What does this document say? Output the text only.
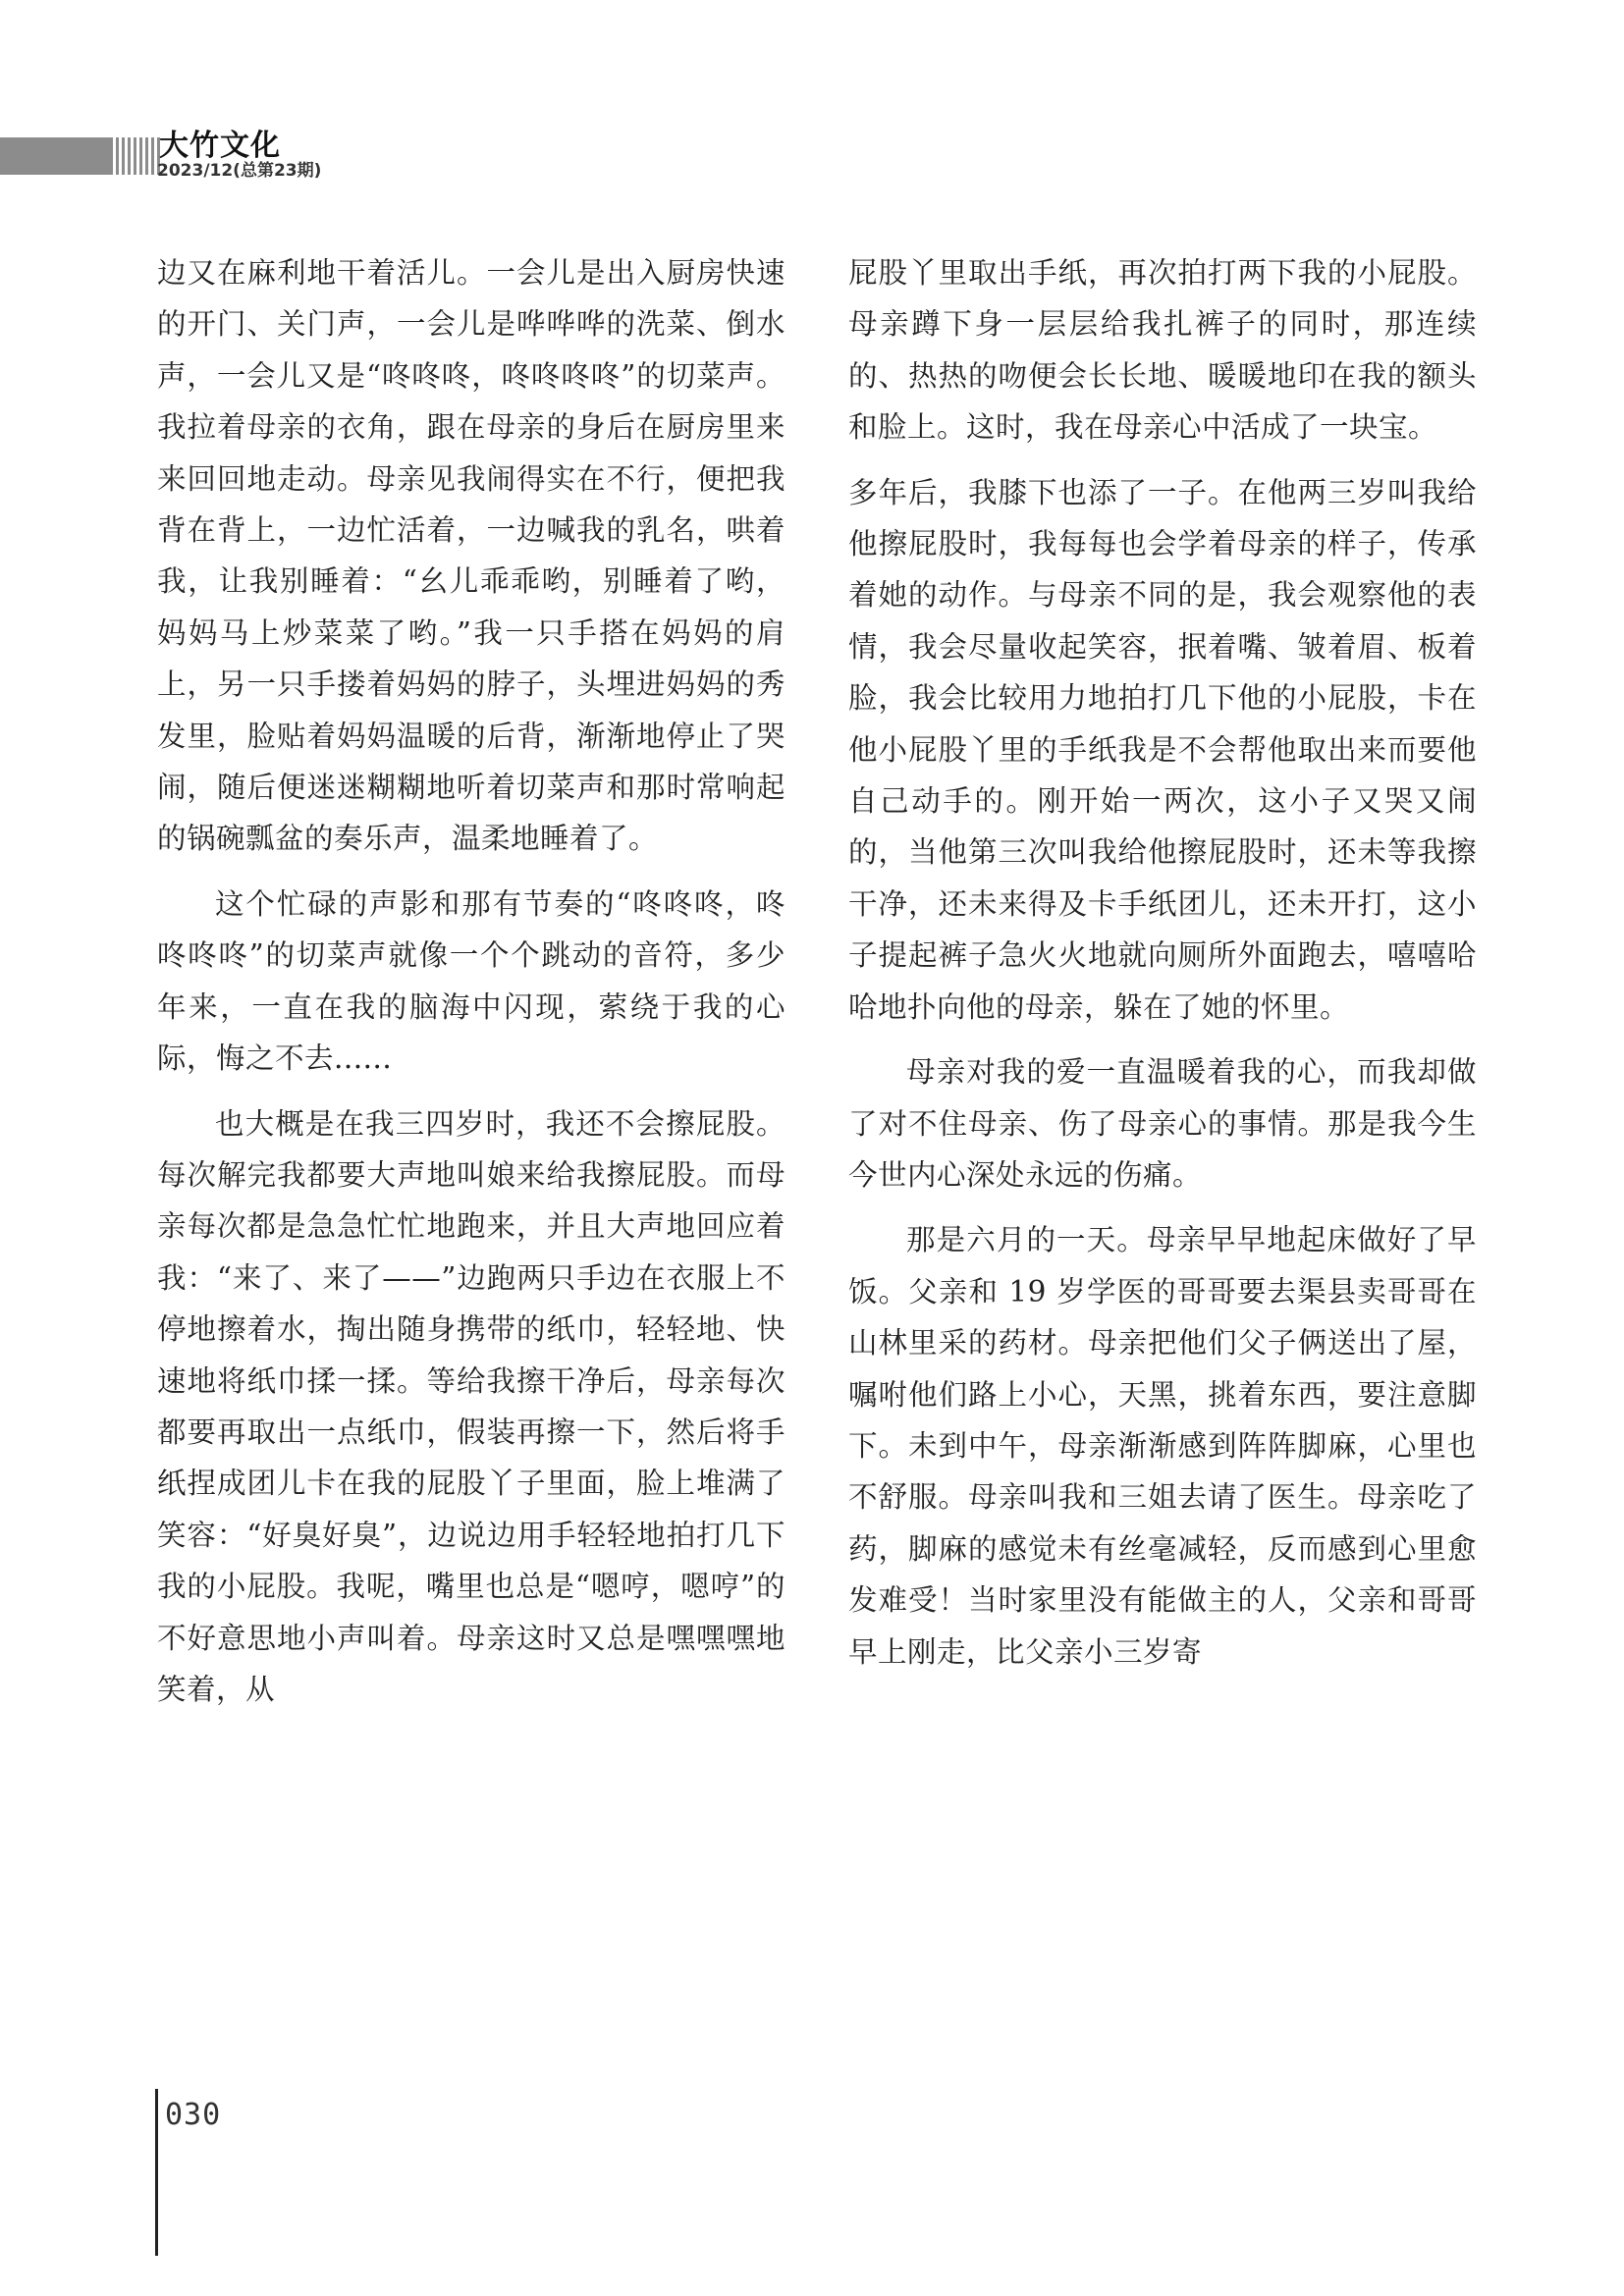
大竹文化
2023/12(总第23期)

边又在麻利地干着活儿。一会儿是出入厨房快速的开门、关门声，一会儿是哗哗哗的洗菜、倒水声，一会儿又是“咚咚咚，咚咚咚咚”的切菜声。我拉着母亲的衣角，跟在母亲的身后在厨房里来来回回地走动。母亲见我闹得实在不行，便把我背在背上，一边忙活着，一边喊我的乳名，哄着我，让我别睡着：“幺儿乖乖哟，别睡着了哟，妈妈马上炒菜菜了哟。”我一只手搭在妈妈的肩上，另一只手搂着妈妈的脖子，头埋进妈妈的秀发里，脸贴着妈妈温暖的后背，渐渐地停止了哭闹，随后便迷迷糊糊地听着切菜声和那时常响起的锅碗瓢盆的奏乐声，温柔地睡着了。

这个忙碌的声影和那有节奏的“咚咚咚，咚咚咚咚”的切菜声就像一个个跳动的音符，多少年来，一直在我的脑海中闪现，萦绕于我的心际，悔之不去......

也大概是在我三四岁时，我还不会擦屁股。每次解完我都要大声地叫娘来给我擦屁股。而母亲每次都是急急忙忙地跑来，并且大声地回应着我：“来了、来了——”边跑两只手边在衣服上不停地擦着水，掏出随身携带的纸巾，轻轻地、快速地将纸巾揉一揉。等给我擦干净后，母亲每次都要再取出一点纸巾，假装再擦一下，然后将手纸捏成团儿卡在我的屁股丫子里面，脸上堆满了笑容：“好臭好臭”，边说边用手轻轻地拍打几下我的小屁股。我呢，嘴里也总是“嗯哼，嗯哼”的不好意思地小声叫着。母亲这时又总是嘿嘿嘿地笑着，从

屁股丫里取出手纸，再次拍打两下我的小屁股。母亲蹲下身一层层给我扎裤子的同时，那连续的、热热的吻便会长长地、暖暖地印在我的额头和脸上。这时，我在母亲心中活成了一块宝。

多年后，我膝下也添了一子。在他两三岁叫我给他擦屁股时，我每每也会学着母亲的样子，传承着她的动作。与母亲不同的是，我会观察他的表情，我会尽量收起笑容，抿着嘴、皱着眉、板着脸，我会比较用力地拍打几下他的小屁股，卡在他小屁股丫里的手纸我是不会帮他取出来而要他自己动手的。刚开始一两次，这小子又哭又闹的，当他第三次叫我给他擦屁股时，还未等我擦干净，还未来得及卡手纸团儿，还未开打，这小子提起裤子急火火地就向厕所外面跑去，嘻嘻哈哈地扑向他的母亲，躲在了她的怀里。

母亲对我的爱一直温暖着我的心，而我却做了对不住母亲、伤了母亲心的事情。那是我今生今世内心深处永远的伤痛。

那是六月的一天。母亲早早地起床做好了早饭。父亲和 19 岁学医的哥哥要去渠县卖哥哥在山林里采的药材。母亲把他们父子俩送出了屋，嘱咐他们路上小心，天黑，挑着东西，要注意脚下。未到中午，母亲渐渐感到阵阵脚麻，心里也不舒服。母亲叫我和三姐去请了医生。母亲吃了药，脚麻的感觉未有丝毫减轻，反而感到心里愈发难受！当时家里没有能做主的人，父亲和哥哥早上刚走，比父亲小三岁寄

030
